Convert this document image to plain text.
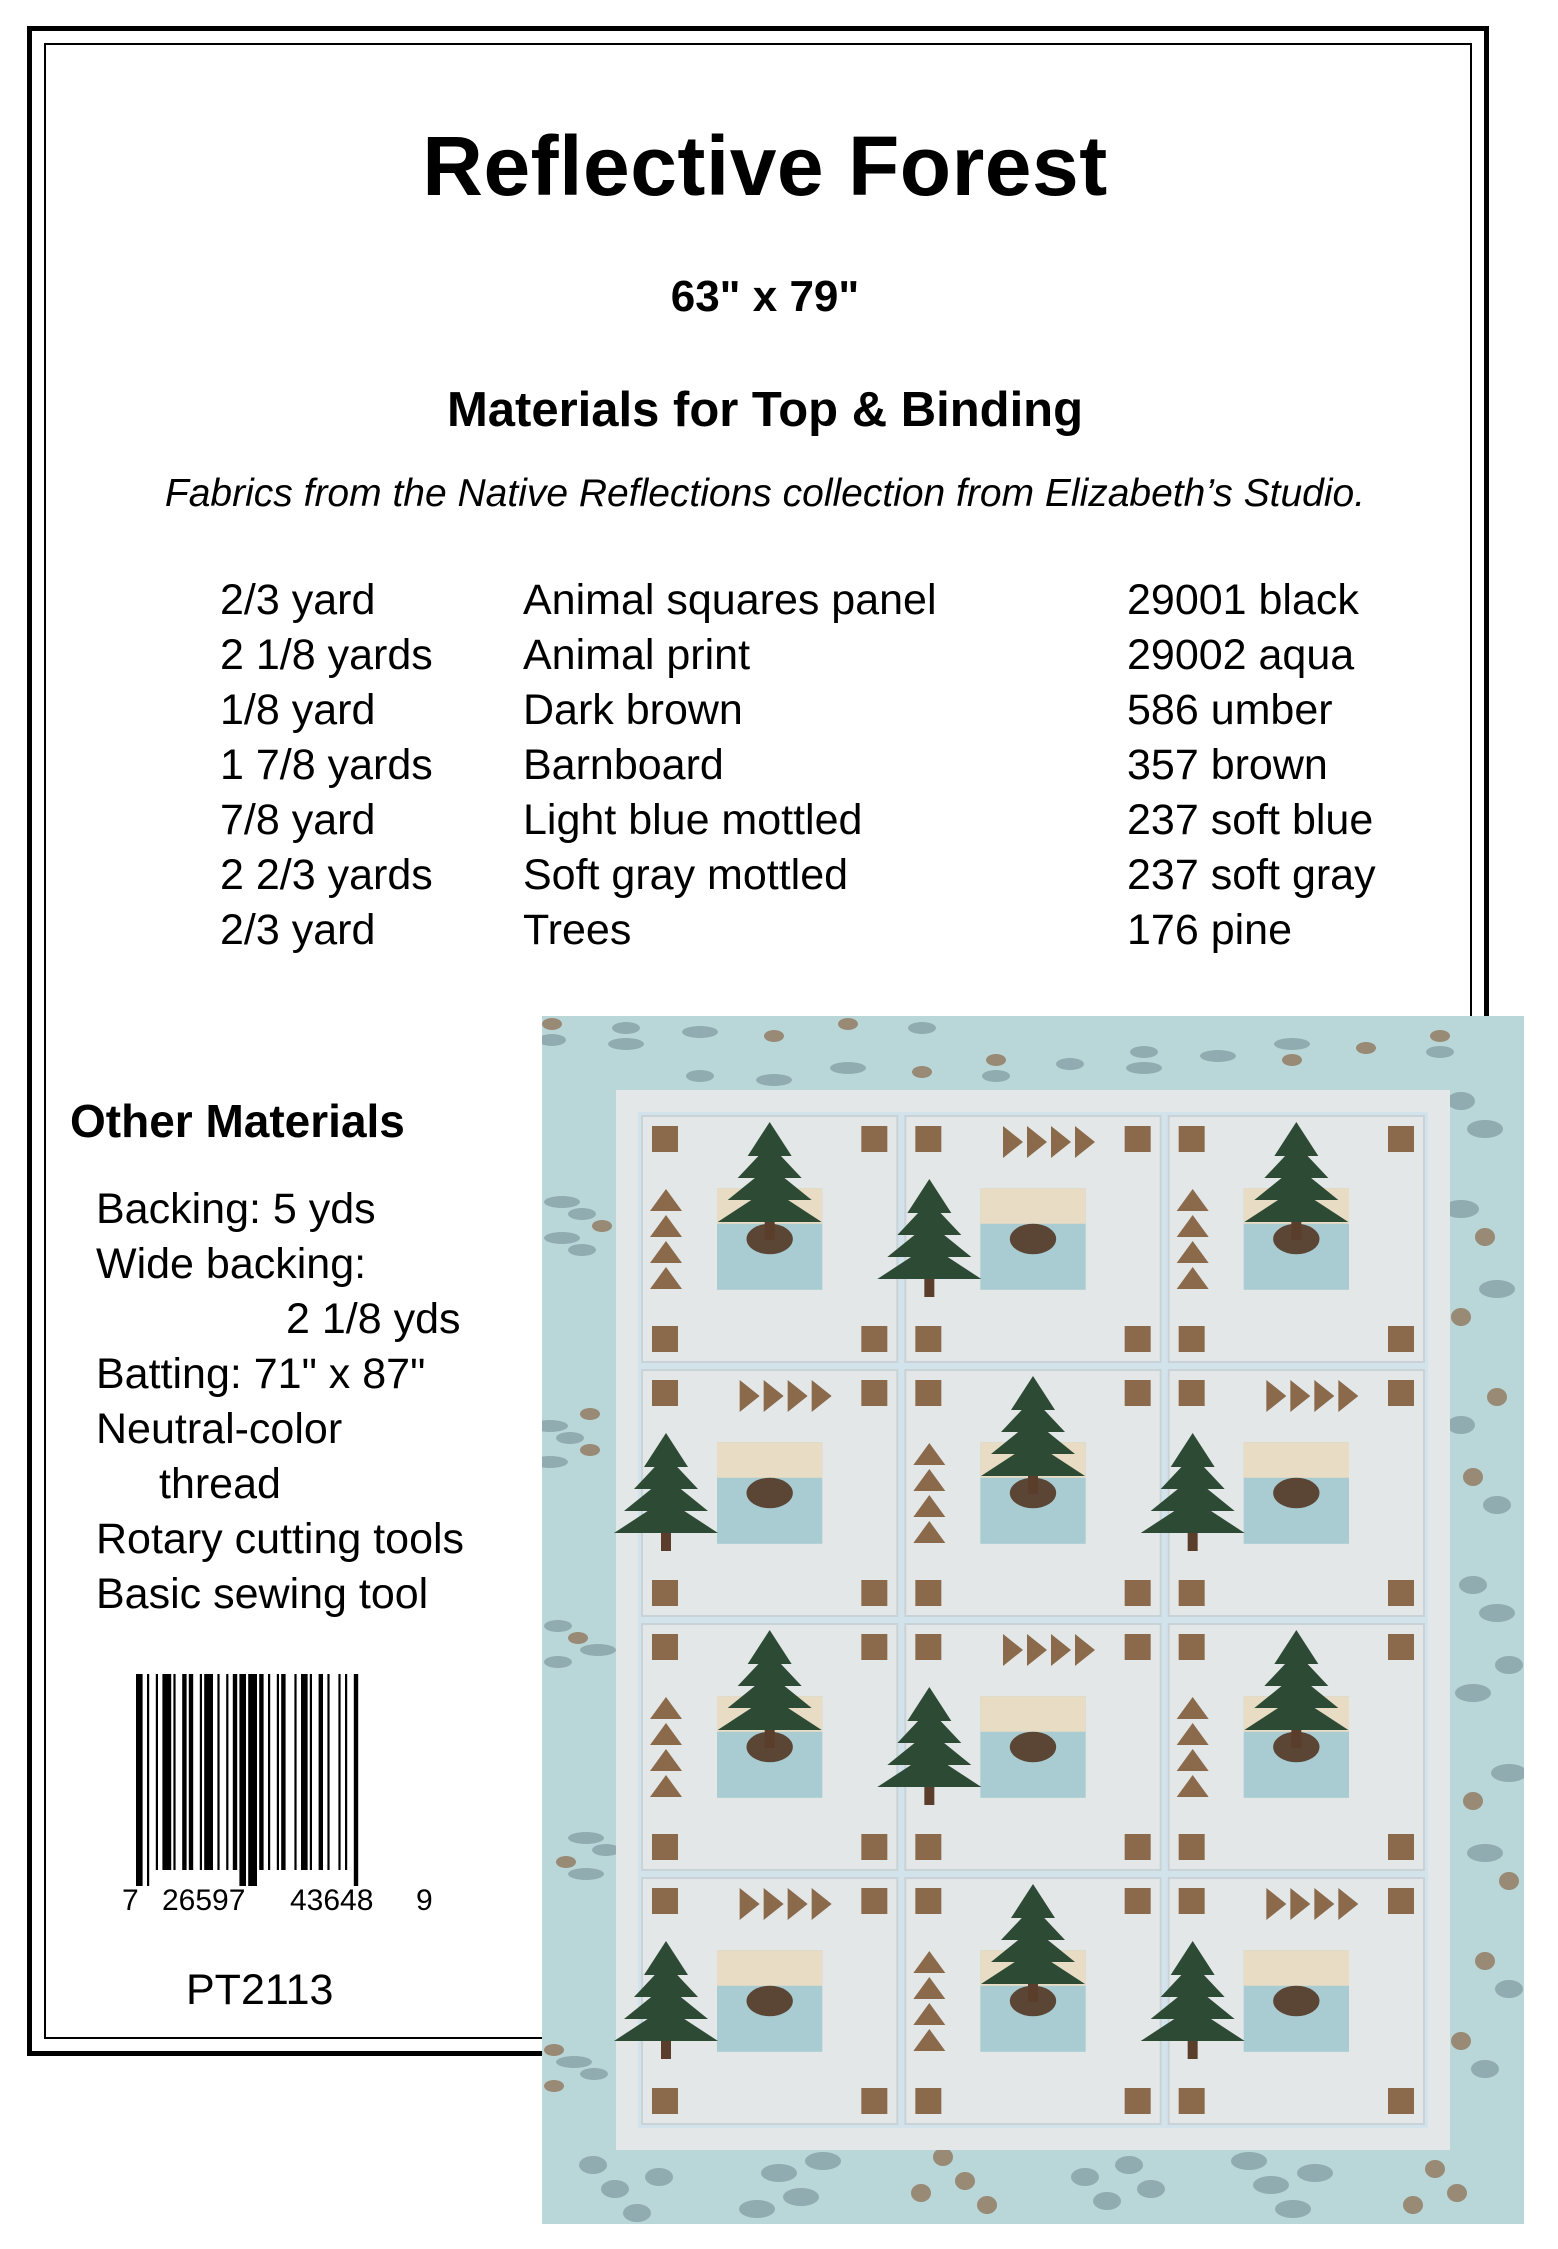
Reflective Forest
63" x 79"
Materials for Top & Binding
Fabrics from the Native Reflections collection from Elizabeth’s Studio.
2/3 yard	Animal squares panel	29001 black
2 1/8 yards Animal print	29002 aqua
1/8 yard	Dark brown	586 umber
1 7/8 yards Barnboard	357 brown
7/8 yard	Light blue mottled	237 soft blue
2 2/3 yards Soft gray mottled	237 soft gray
2/3 yard	Trees	176 pine
Other Materials
Backing: 5 yds
Wide backing:
2 1/8 yds
Batting: 71" x 87"
Neutral-color
thread
Rotary cutting tools
Basic sewing tool
7 26597 43648 9
PT2113
